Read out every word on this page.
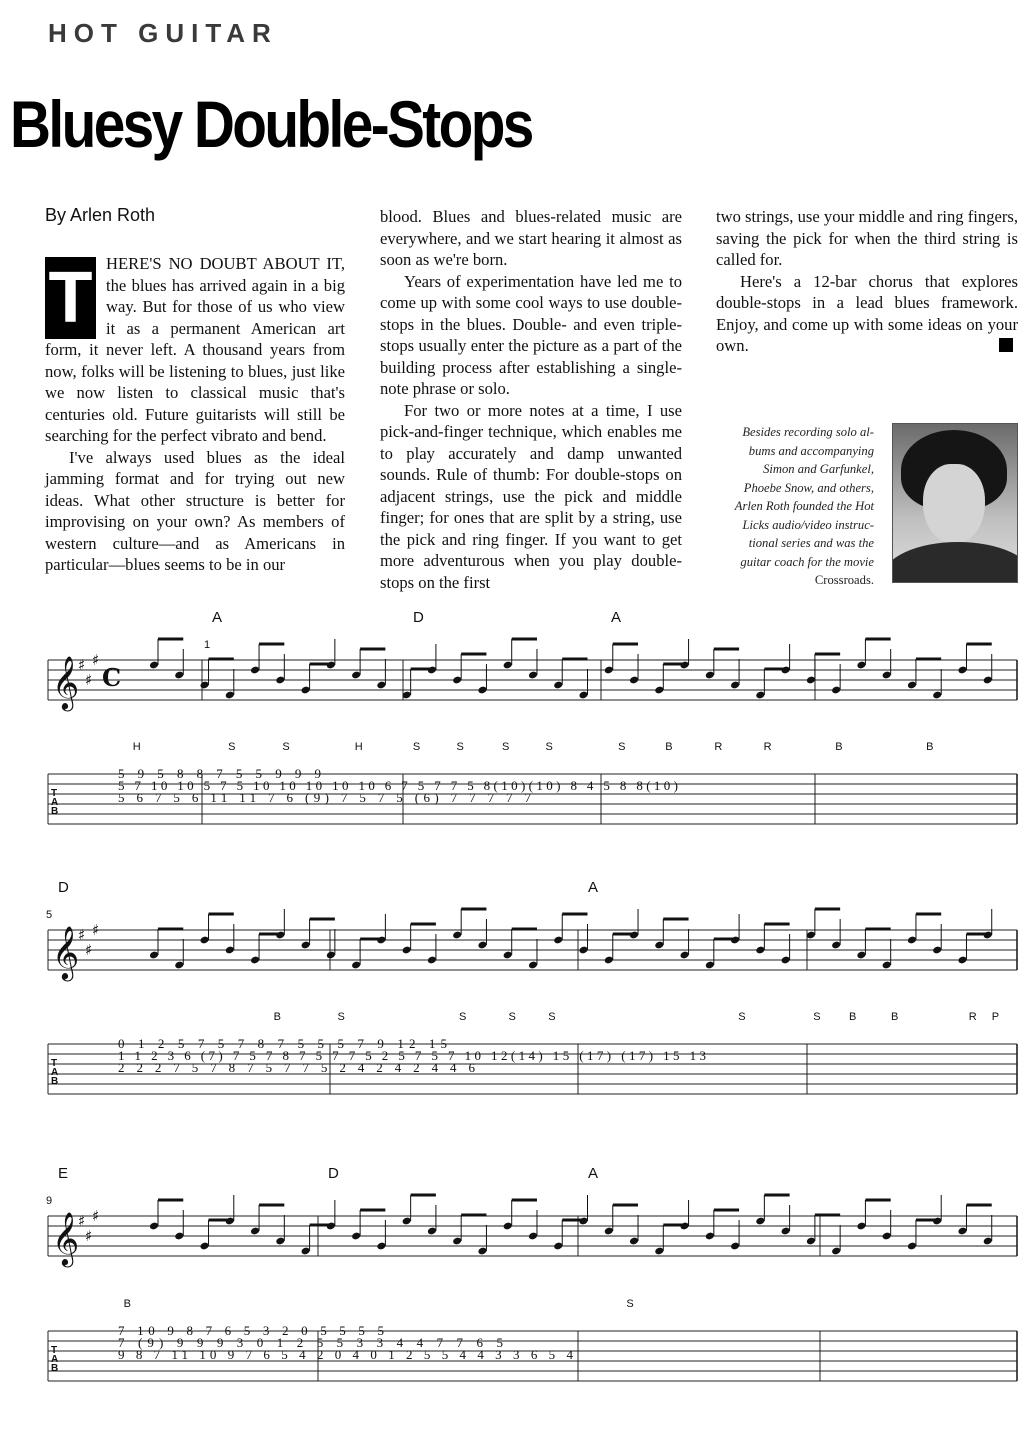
HOT GUITAR
Bluesy Double-Stops
By Arlen Roth
T HERE'S NO DOUBT ABOUT IT, the blues has arrived again in a big way. But for those of us who view it as a permanent American art form, it never left. A thousand years from now, folks will be listening to blues, just like we now listen to classical music that's centuries old. Future guitarists will still be searching for the perfect vibrato and bend.

I've always used blues as the ideal jamming format and for trying out new ideas. What other structure is better for improvising on your own? As members of western culture—and as Americans in particular—blues seems to be in our

blood. Blues and blues-related music are everywhere, and we start hearing it almost as soon as we're born.

Years of experimentation have led me to come up with some cool ways to use double-stops in the blues. Double- and even triple-stops usually enter the picture as a part of the building process after establishing a single-note phrase or solo.

For two or more notes at a time, I use pick-and-finger technique, which enables me to play accurately and damp unwanted sounds. Rule of thumb: For double-stops on adjacent strings, use the pick and middle finger; for ones that are split by a string, use the pick and ring finger. If you want to get more adventurous when you play double-stops on the first

two strings, use your middle and ring fingers, saving the pick for when the third string is called for.

Here's a 12-bar chorus that explores double-stops in a lead blues framework. Enjoy, and come up with some ideas on your own.

Besides recording solo al-
bums and accompanying
Simon and Garfunkel,
Phoebe Snow, and others,
Arlen Roth founded the Hot
Licks audio/video instruc-
tional series and was the
guitar coach for the movie
Crossroads.
𝄞
♯
♯
♯
C
T
A
B
1
A	D	A
H	S	S	H	S	S	S	S	S	B	R	R	B	B
5 9 5 8 8 7 5 5 9 9 9
5 7 10 10 5 7 5 10 10 10 10 10 6 7 5 7 7 5 8(10)(10) 8 4 5 8 8(10)
5 6 7 5 6 11 11 7 6 (9) 7 5 7 5 (6) 7 7 7 7 7
𝄞
♯
♯
♯
T
A
B
5
D	A
B	S	S	S	S	S	S	B	B	R P
0 1 2 5 7 5 7 8 7 5 5 5 7 9 12 15
1 1 2 3 6 (7) 7 5 7 8 7 5 7 7 5 2 5 7 5 7 10 12(14) 15 (17) (17) 15 13
2 2 2 7 5 7 8 7 5 7 7 5 2 4 2 4 2 4 4 6
𝄞
♯
♯
♯
T
A
B
9
E	D	A
B	S
7 10 9 8 7 6 5 3 2 0 5 5 5 5
7 (9) 9 9 9 3 0 1 2 5 5 3 3 4 4 7 7 6 5
9 8 7 11 10 9 7 6 5 4 2 0 4 0 1 2 5 5 4 4 3 3 6 5 4
